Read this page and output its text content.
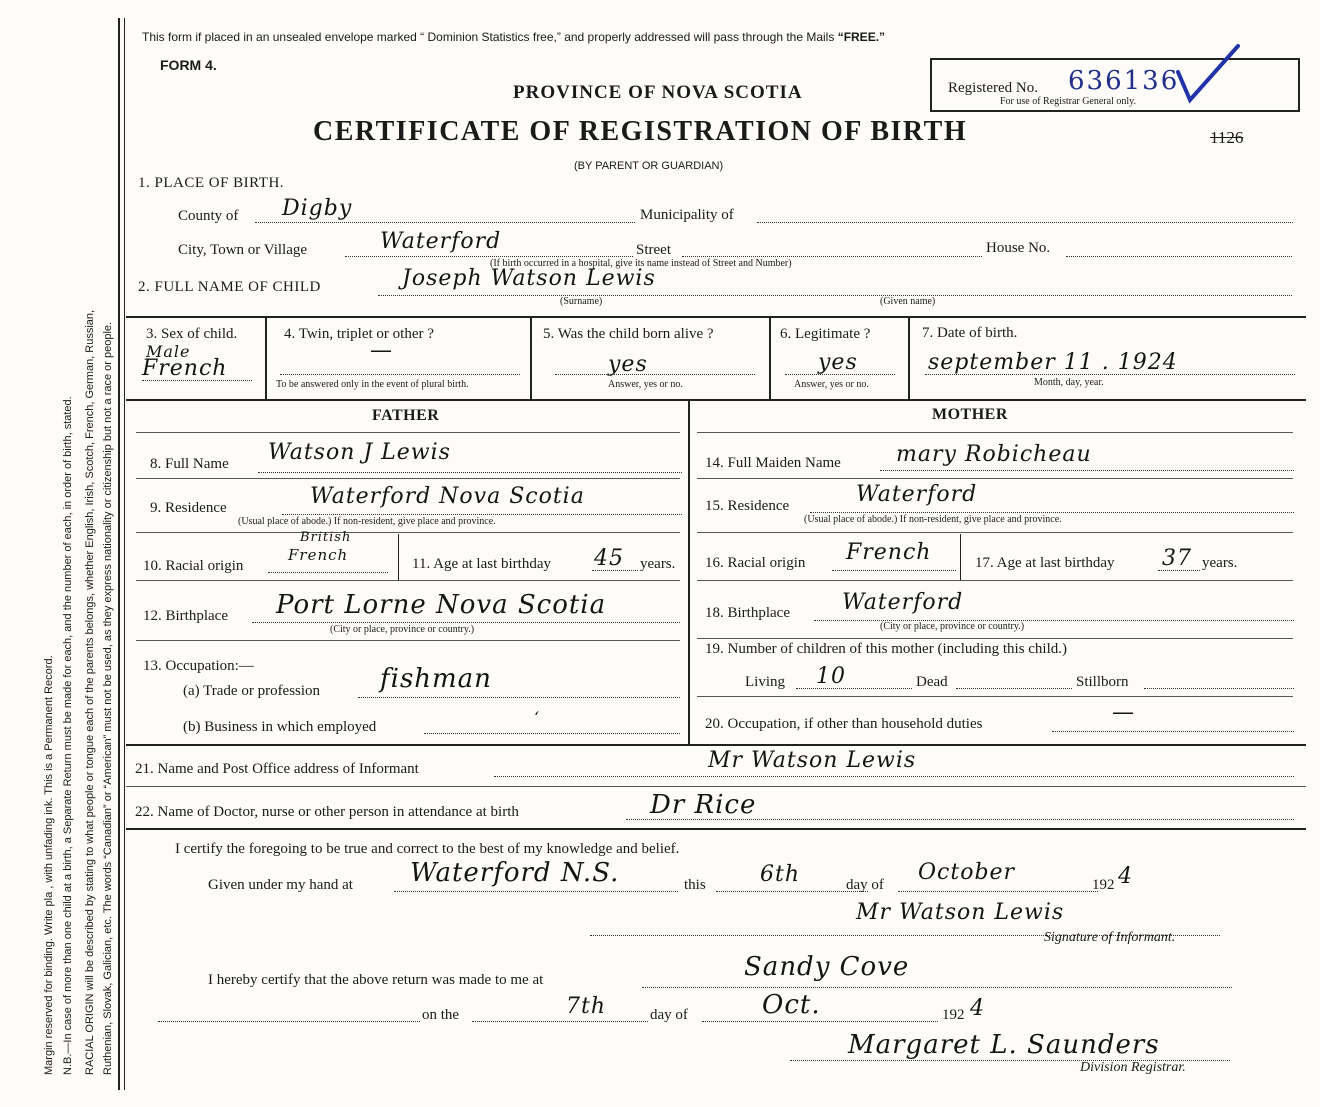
Margin reserved for binding. Write pla , with unfading ink. This is a Permanent Record. N.B.—In case of more than one child at a birth, a Separate Return must be made for each, and the number of each, in order of birth, stated. RACIAL ORIGIN will be described by stating to what people or tongue each of the parents belongs, whether English, Irish, Scotch, French, German, Russian, Ruthenian, Slovak, Galician, etc. The words “Canadian” or “American” must not be used, as they express nationality or citizenship but not a race or people.
This form if placed in an unsealed envelope marked “ Dominion Statistics free,” and properly addressed will pass through the Mails “FREE.”
FORM 4.
PROVINCE OF NOVA SCOTIA
CERTIFICATE OF REGISTRATION OF BIRTH
(BY PARENT OR GUARDIAN)
Registered No. 636136
For use of Registrar General only.
1126
1. PLACE OF BIRTH.
County of Digby	Municipality of
City, Town or Village	Waterford	Street	House No.
(If birth occurred in a hospital, give its name instead of Street and Number)
2. FULL NAME OF CHILD	Joseph Watson Lewis
(Surname)	(Given name)
3. Sex of child.
Male
French
4. Twin, triplet or other ?
—
To be answered only in the event of plural birth.
5. Was the child born alive ?
yes
Answer, yes or no.
6. Legitimate ?
yes
Answer, yes or no.
7. Date of birth.
september 11 . 1924
Month, day, year.
FATHER	MOTHER
8. Full Name Watson J Lewis
9. Residence	Waterford Nova Scotia
(Usual place of abode.) If non-resident, give place and province.
10. Racial origin
British
French	11. Age at last birthday 45 years.
12. Birthplace Port Lorne Nova Scotia
(City or place, province or country.)
13. Occupation:—
(a) Trade or profession fishman
(b) Business in which employed	‘
14. Full Maiden Name	mary Robicheau
15. Residence	Waterford
(Usual place of abode.) If non-resident, give place and province.
16. Racial origin French	17. Age at last birthday 37 years.
18. Birthplace Waterford
(City or place, province or country.)
19. Number of children of this mother (including this child.)
Living 10	Dead	Stillborn
20. Occupation, if other than household duties	—
21. Name and Post Office address of Informant	Mr Watson Lewis
22. Name of Doctor, nurse or other person in attendance at birth	Dr Rice
I certify the foregoing to be true and correct to the best of my knowledge and belief.
Given under my hand at Waterford N.S.	this 6th	day of October	192 4
Mr Watson Lewis
Signature of Informant.
I hereby certify that the above return was made to me at	Sandy Cove
on the	7th	day of	Oct.	192 4
Margaret L. Saunders
Division Registrar.
